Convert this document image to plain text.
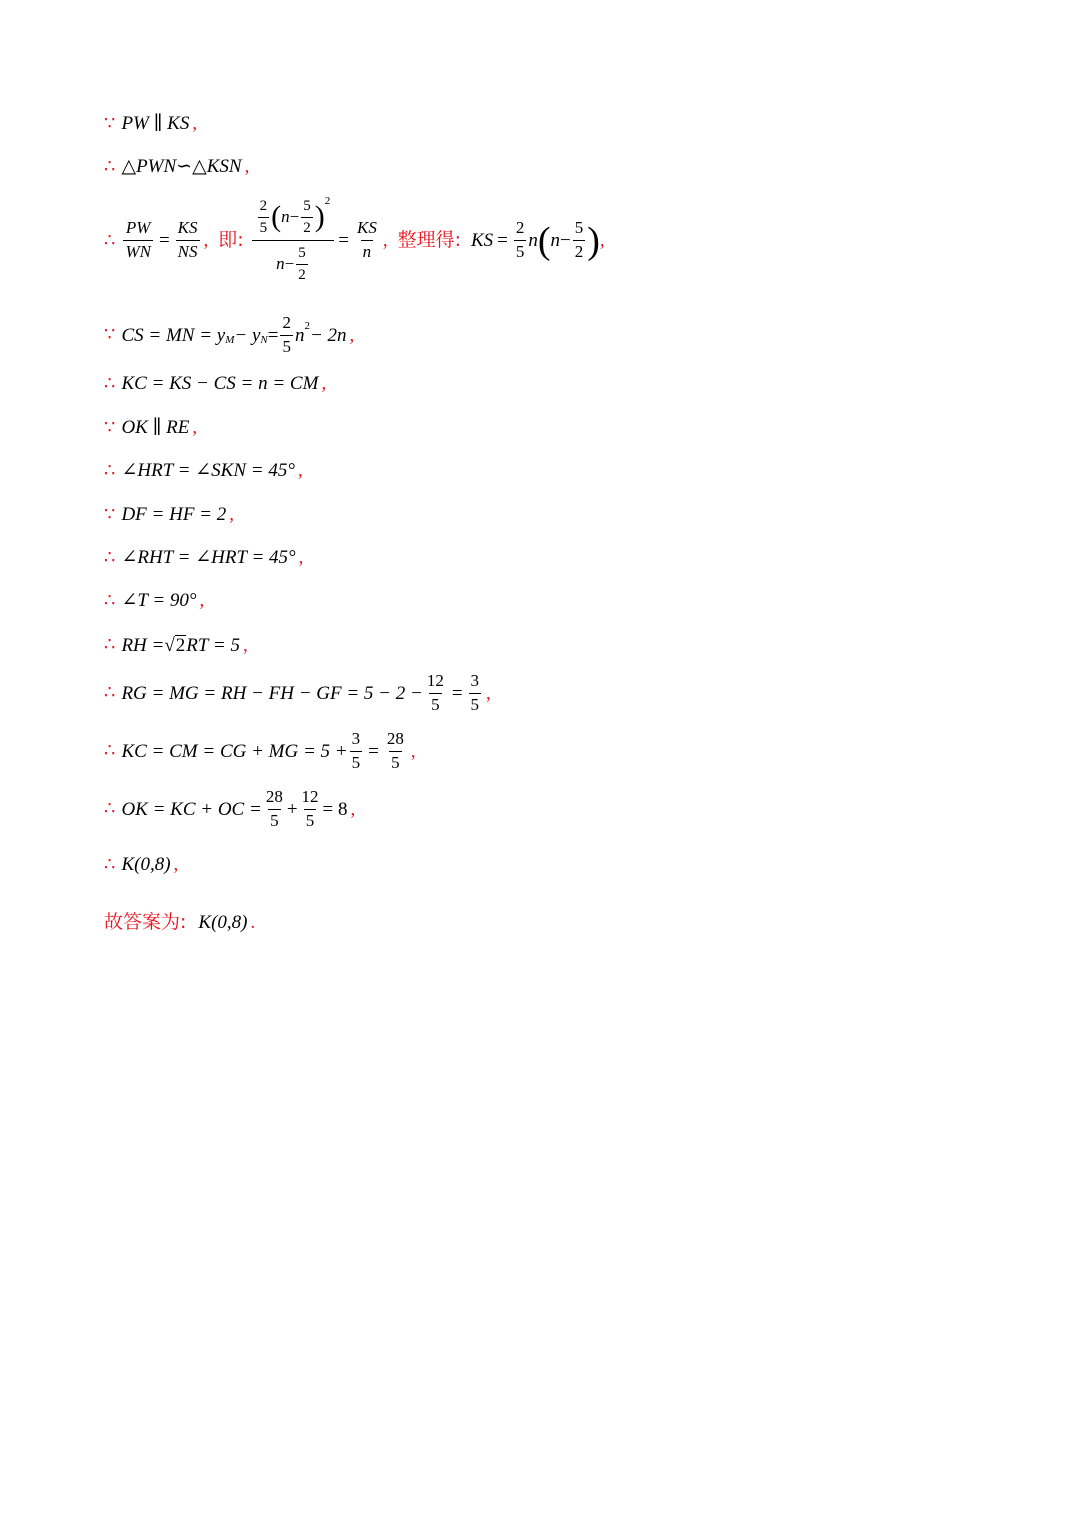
∵ PW ∥ KS ,
∴ △PWN∽△KSN ,
∴ $\frac{PW}{WN} = \frac{KS}{NS}$ , 即: $\frac{\frac{2}{5} ( n - \frac{5}{2} ) 2}{n - \frac{5}{2}} = \frac{KS}{n}$ , 整理得: KS = $\frac{2}{5}$ n ( $n - \frac{5}{2}$ ) ,
∵ CS = MN = y M − y $N = \frac{2}{5}$ n 2 − 2n ,
∴ KC = KS − CS = n = CM ,
∵ OK ∥ RE ,
∴ ∠HRT = ∠SKN = 45° ,
∵ DF = HF = 2 ,
∴ ∠RHT = ∠HRT = 45° ,
∴ ∠T = 90° ,
∴ RH = √ 2 RT = 5 ,
∴ RG = MG = RH − FH − GF = $5 - 2 - \frac{12}{5} = \frac{3}{5}$ ,
∴ KC = CM = CG + MG = $5 + \frac{3}{5} = \frac{28}{5}$ ,
∴ OK = KC + OC = $\frac{28}{5} + \frac{12}{5} = 8$ ,
∴ K(0,8) ,
故答案为: K(0,8) .
